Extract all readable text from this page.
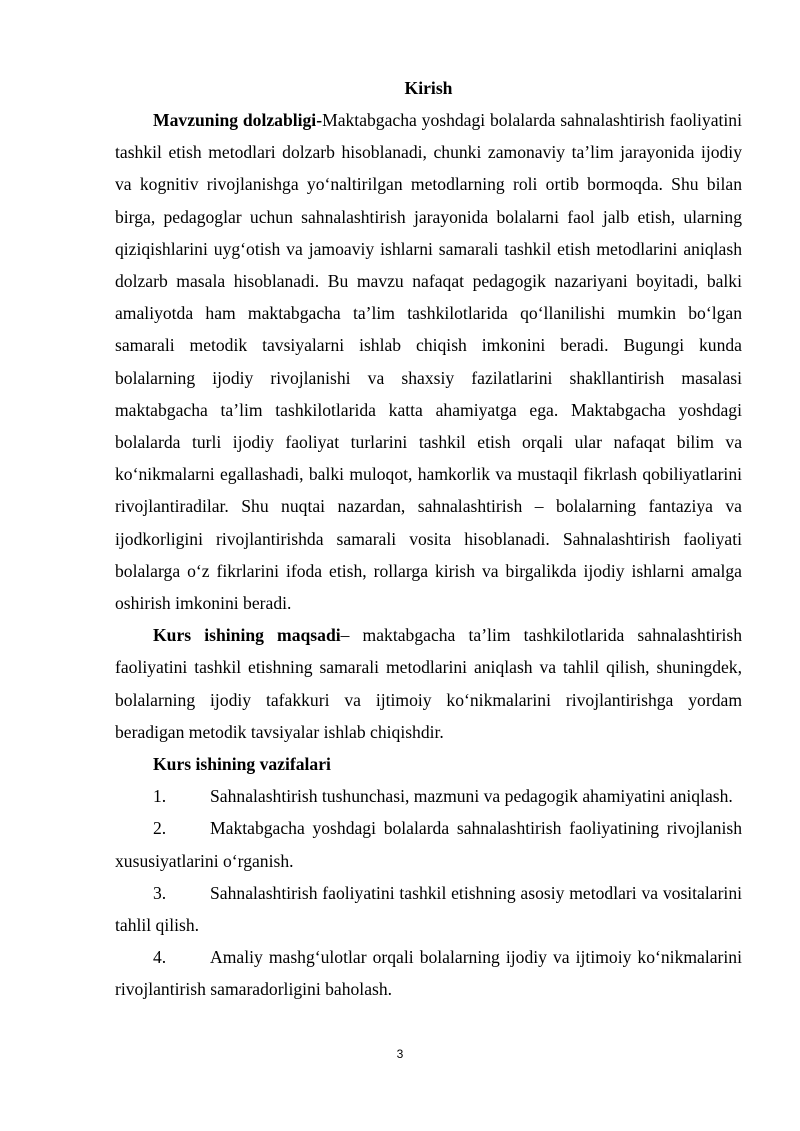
Kirish

Mavzuning dolzabligi-Maktabgacha yoshdagi bolalarda sahnalashtirish faoliyatini tashkil etish metodlari dolzarb hisoblanadi, chunki zamonaviy ta’lim jarayonida ijodiy va kognitiv rivojlanishga yo‘naltirilgan metodlarning roli ortib bormoqda. Shu bilan birga, pedagoglar uchun sahnalashtirish jarayonida bolalarni faol jalb etish, ularning qiziqishlarini uyg‘otish va jamoaviy ishlarni samarali tashkil etish metodlarini aniqlash dolzarb masala hisoblanadi. Bu mavzu nafaqat pedagogik nazariyani boyitadi, balki amaliyotda ham maktabgacha ta’lim tashkilotlarida qo‘llanilishi mumkin bo‘lgan samarali metodik tavsiyalarni ishlab chiqish imkonini beradi. Bugungi kunda bolalarning ijodiy rivojlanishi va shaxsiy fazilatlarini shakllantirish masalasi maktabgacha ta’lim tashkilotlarida katta ahamiyatga ega. Maktabgacha yoshdagi bolalarda turli ijodiy faoliyat turlarini tashkil etish orqali ular nafaqat bilim va ko‘nikmalarni egallashadi, balki muloqot, hamkorlik va mustaqil fikrlash qobiliyatlarini rivojlantiradilar. Shu nuqtai nazardan, sahnalashtirish – bolalarning fantaziya va ijodkorligini rivojlantirishda samarali vosita hisoblanadi. Sahnalashtirish faoliyati bolalarga o‘z fikrlarini ifoda etish, rollarga kirish va birgalikda ijodiy ishlarni amalga oshirish imkonini beradi.

Kurs ishining maqsadi– maktabgacha ta’lim tashkilotlarida sahnalashtirish faoliyatini tashkil etishning samarali metodlarini aniqlash va tahlil qilish, shuningdek, bolalarning ijodiy tafakkuri va ijtimoiy ko‘nikmalarini rivojlantirishga yordam beradigan metodik tavsiyalar ishlab chiqishdir.

Kurs ishining vazifalari
1. Sahnalashtirish tushunchasi, mazmuni va pedagogik ahamiyatini aniqlash.
2. Maktabgacha yoshdagi bolalarda sahnalashtirish faoliyatining rivojlanish xususiyatlarini o‘rganish.
3. Sahnalashtirish faoliyatini tashkil etishning asosiy metodlari va vositalarini tahlil qilish.
4. Amaliy mashg‘ulotlar orqali bolalarning ijodiy va ijtimoiy ko‘nikmalarini rivojlantirish samaradorligini baholash.
3
